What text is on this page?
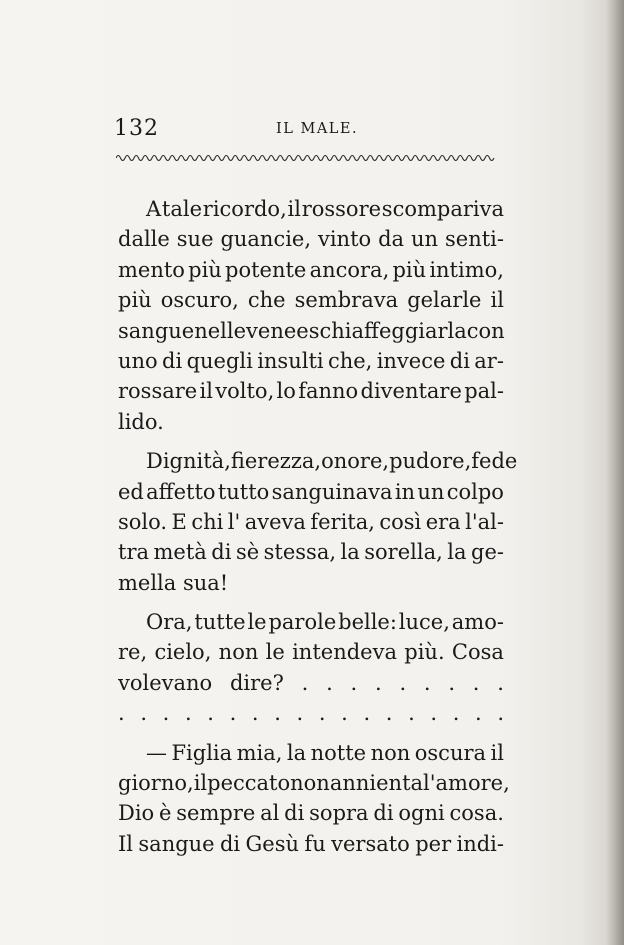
132	IL MALE.
A tale ricordo, il rossore scompariva
dalle sue guancie, vinto da un senti-
mento più potente ancora, più intimo,
più oscuro, che sembrava gelarle il
sangue nelle vene e schiaffeggiarla con
uno di quegli insulti che, invece di ar-
rossare il volto, lo fanno diventare pal-
lido.
Dignità, fierezza, onore, pudore, fede
ed affetto tutto sanguinava in un colpo
solo. E chi l' aveva ferita, così era l'al-
tra metà di sè stessa, la sorella, la ge-
mella sua!
Ora, tutte le parole belle: luce, amo-
re, cielo, non le intendeva più. Cosa
volevano dire? . . . . . . . . .
. . . . . . . . . . . . . . . . . .
— Figlia mia, la notte non oscura il
giorno, il peccato non annienta l'amore,
Dio è sempre al di sopra di ogni cosa.
Il sangue di Gesù fu versato per indi-
